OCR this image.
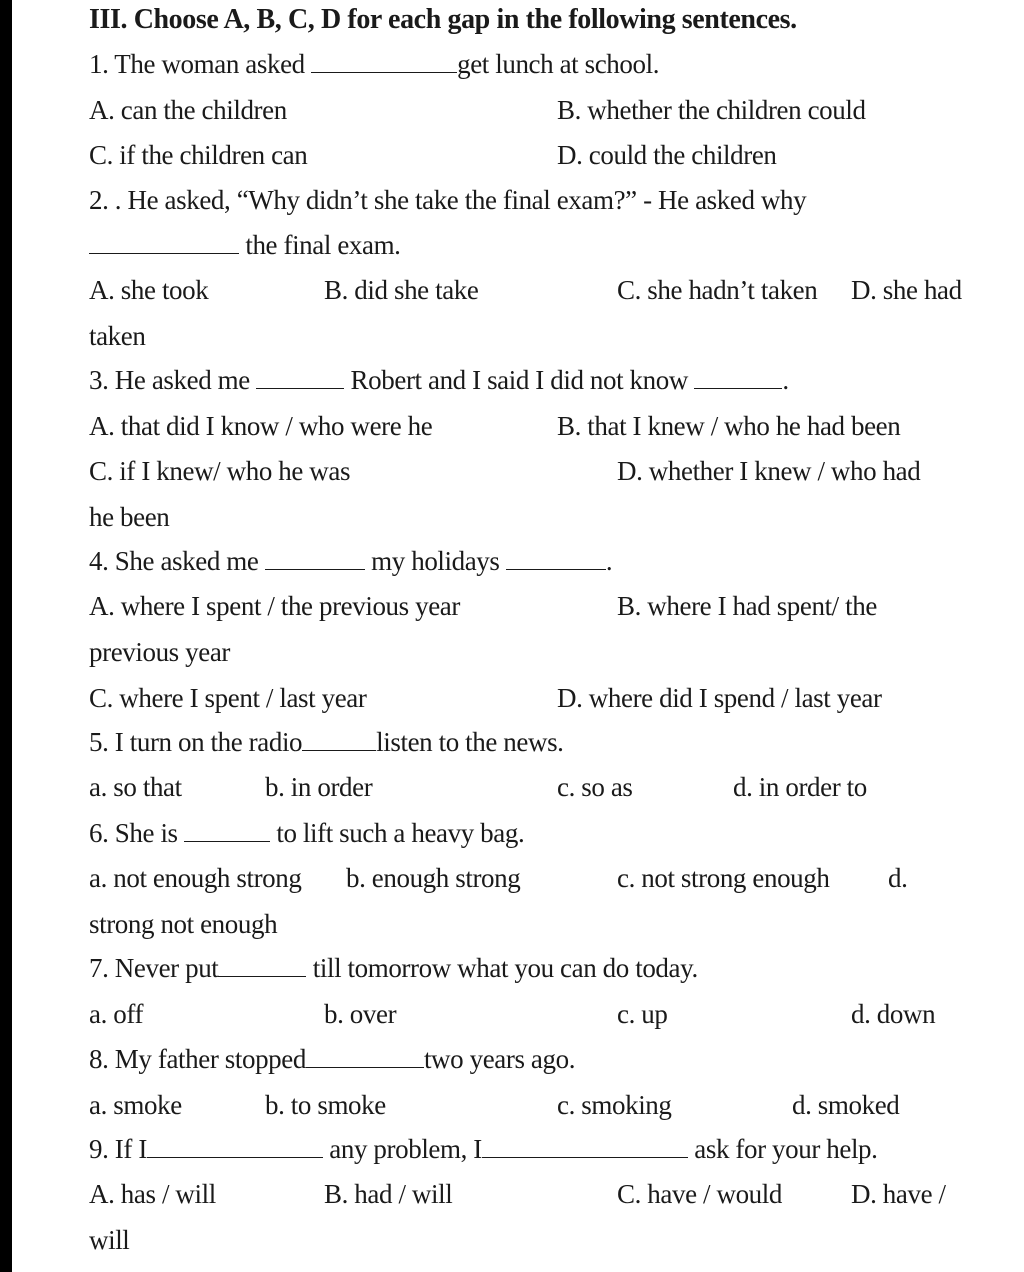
III. Choose A, B, C, D for each gap in the following sentences.
1. The woman asked	get lunch at school.
A. can the children	B. whether the children could
C. if the children can	D. could the children
2. . He asked, “Why didn’t she take the final exam?” - He asked why
the final exam.
A. she took	B. did she take	C. she hadn’t taken D. she had
taken
3. He asked me	Robert and I said I did not know	.
A. that did I know / who were he	B. that I knew / who he had been
C. if I knew/ who he was	D. whether I knew / who had
he been
4. She asked me	my holidays	.
A. where I spent / the previous year	B. where I had spent/ the
previous year
C. where I spent / last year	D. where did I spend / last year
5. I turn on the radio	listen to the news.
a. so that	b. in order	c. so as	d. in order to
6. She is	to lift such a heavy bag.
a. not enough strong b. enough strong	c. not strong enough d.
strong not enough
7. Never put	till tomorrow what you can do today.
a. off	b. over	c. up	d. down
8. My father stopped	two years ago.
a. smoke	b. to smoke	c. smoking	d. smoked
9. If I	any problem, I	ask for your help.
A. has / will	B. had / will	C. have / would	D. have /
will
